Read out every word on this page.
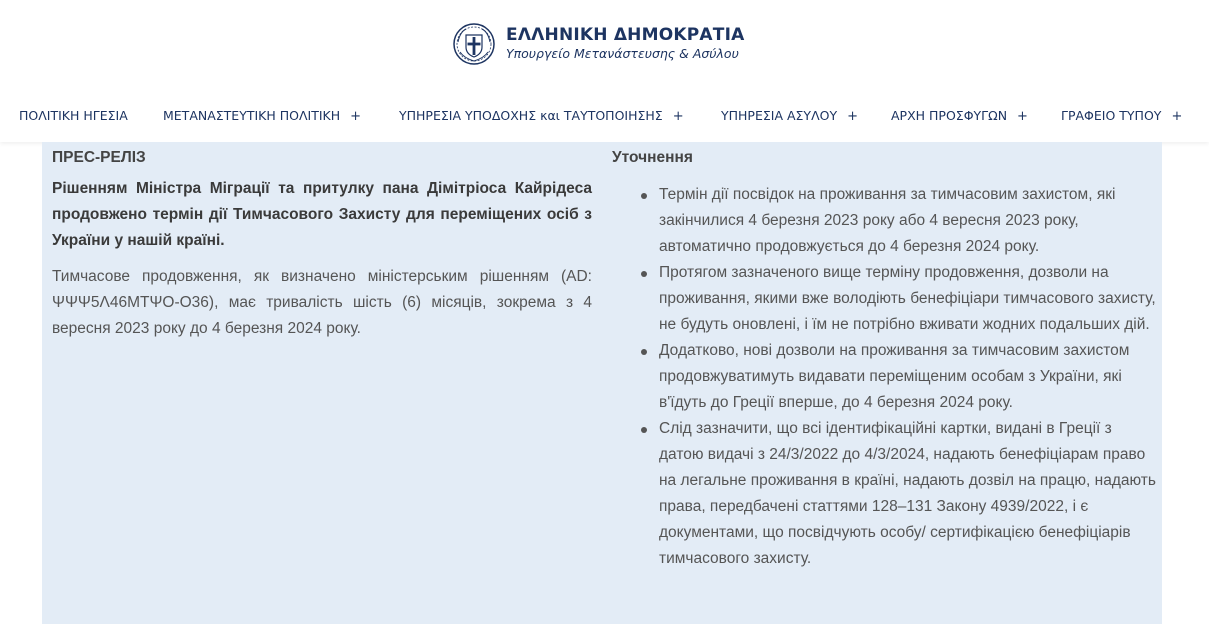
ΕΛΛΗΝΙΚΗ ΔΗΜΟΚΡΑΤΙΑ
Υπουργείο Μετανάστευσης & Ασύλου
ΠΟΛΙΤΙΚΗ ΗΓΕΣΙΑ	ΜΕΤΑΝΑΣΤΕΥΤΙΚΗ ΠΟΛΙΤΙΚΗ +	ΥΠΗΡΕΣΙΑ ΥΠΟΔΟΧΗΣ και ΤΑΥΤΟΠΟΙΗΣΗΣ +	ΥΠΗΡΕΣΙΑ ΑΣΥΛΟΥ +	ΑΡΧΗ ΠΡΟΣΦΥΓΩΝ +	ΓΡΑΦΕΙΟ ΤΥΠΟΥ +
ПРЕС-РЕЛІЗ

Рішенням Міністра Міграції та притулку пана Дімітріоса Кайрідеса продовжено термін дії Тимчасового Захисту для переміщених осіб з України у нашій країні.

Тимчасове продовження, як визначено міністерським рішенням (AD: ΨΨΨ5Λ46ΜΤΨΟ-Ο36), має тривалість шість (6) місяців, зокрема з 4 вересня 2023 року до 4 березня 2024 року.

Уточнення
Термін дії посвідок на проживання за тимчасовим захистом, які закінчилися 4 березня 2023 року або 4 вересня 2023 року, автоматично продовжується до 4 березня 2024 року.
Протягом зазначеного вище терміну продовження, дозволи на проживання, якими вже володіють бенефіціари тимчасового захисту, не будуть оновлені, і їм не потрібно вживати жодних подальших дій.
Додатково, нові дозволи на проживання за тимчасовим захистом продовжуватимуть видавати переміщеним особам з України, які в'їдуть до Греції вперше, до 4 березня 2024 року.
Слід зазначити, що всі ідентифікаційні картки, видані в Греції з датою видачі з 24/3/2022 до 4/3/2024, надають бенефіціарам право на легальне проживання в країні, надають дозвіл на працю, надають права, передбачені статтями 128–131 Закону 4939/2022, і є документами, що посвідчують особу/ сертифікацією бенефіціарів тимчасового захисту.
